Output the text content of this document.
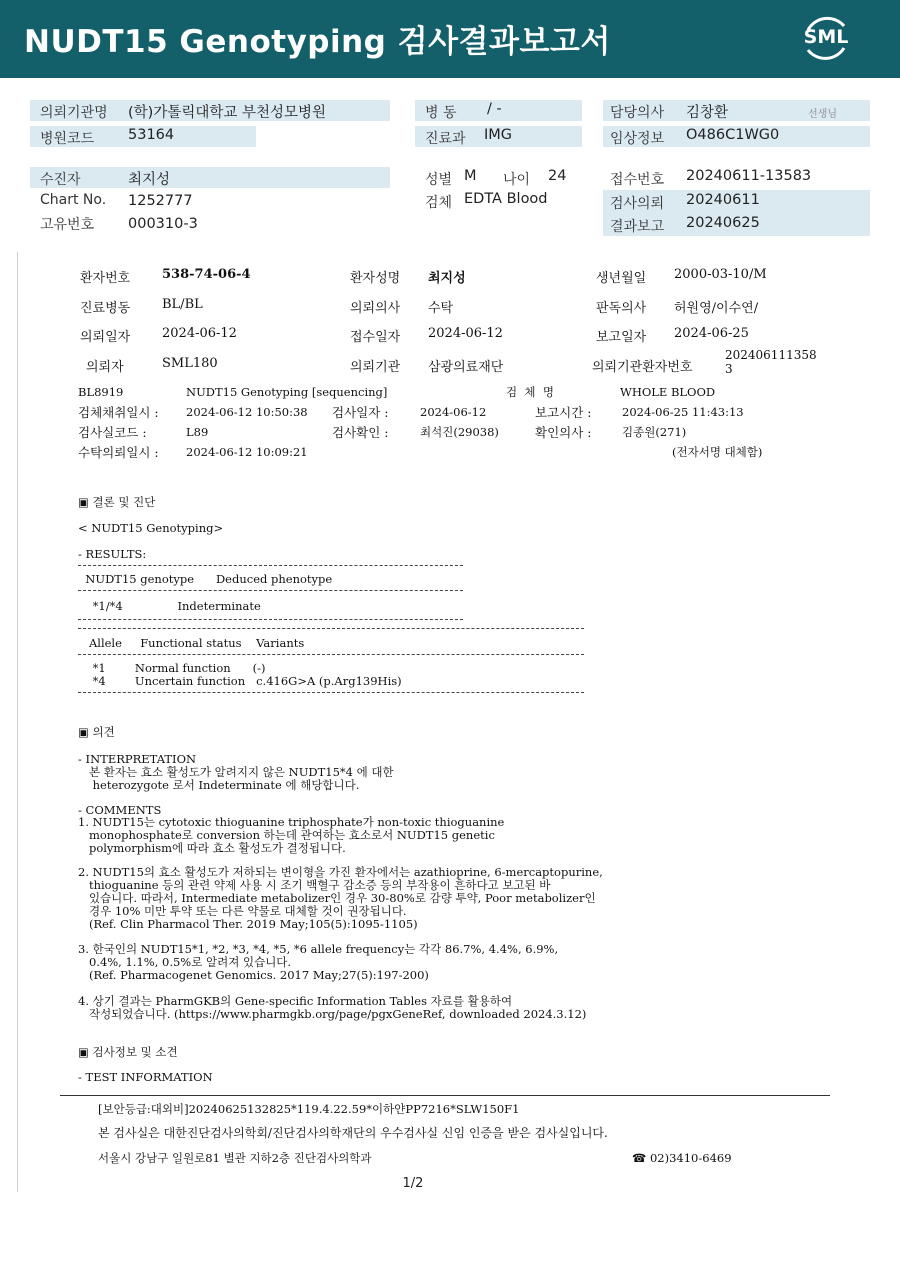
NUDT15 Genotyping 검사결과보고서	SML
의뢰기관명 (학)가톨릭대학교 부천성모병원
병원코드 53164
병 동 / -
진료과 IMG
담당의사 김창환	선생님
임상정보 O486C1WG0
수진자	최지성
Chart No. 1252777
고유번호 000310-3
성별 M 나이 24
검체 EDTA Blood
접수번호 20240611-13583
검사의뢰 20240611
결과보고 20240625
환자번호 538-74-06-4	환자성명 최지성	생년월일 2000-03-10/M
진료병동 BL/BL	의뢰의사 수탁	판독의사 허원영/이수연/
의뢰일자 2024-06-12	접수일자 2024-06-12	보고일자 2024-06-25
의뢰자	SML180	의뢰기관 삼광의료재단	의뢰기관환자번호
202406111358
3
BL8919	NUDT15 Genotyping [sequencing]	검  체  명	WHOLE BLOOD
검체채취일시 : 2024-06-12 10:50:38 검사일자 :	2024-06-12	보고시간 :	2024-06-25 11:43:13
검사실코드 :	L89	검사확인 :	최석진(29038)	확인의사 :	김종원(271)
수탁의뢰일시 : 2024-06-12 10:09:21	(전자서명 대체함)
▣ 결론 및 진단
< NUDT15 Genotyping>
- RESULTS:
NUDT15 genotype      Deduced phenotype
*1/*4               Indeterminate
Allele     Functional status    Variants
*1        Normal function      (-)
*4        Uncertain function   c.416G>A (p.Arg139His)
▣ 의견
- INTERPRETATION
본 환자는 효소 활성도가 알려지지 않은 NUDT15*4 에 대한
heterozygote 로서 Indeterminate 에 해당합니다.
- COMMENTS
1. NUDT15는 cytotoxic thioguanine triphosphate가 non-toxic thioguanine
monophosphate로 conversion 하는데 관여하는 효소로서 NUDT15 genetic
polymorphism에 따라 효소 활성도가 결정됩니다.
2. NUDT15의 효소 활성도가 저하되는 변이형을 가진 환자에서는 azathioprine, 6-mercaptopurine,
thioguanine 등의 관련 약제 사용 시 조기 백혈구 감소증 등의 부작용이 흔하다고 보고된 바
있습니다. 따라서, Intermediate metabolizer인 경우 30-80%로 감량 투약, Poor metabolizer인
경우 10% 미만 투약 또는 다른 약물로 대체할 것이 권장됩니다.
(Ref. Clin Pharmacol Ther. 2019 May;105(5):1095-1105)
3. 한국인의 NUDT15*1, *2, *3, *4, *5, *6 allele frequency는 각각 86.7%, 4.4%, 6.9%,
0.4%, 1.1%, 0.5%로 알려져 있습니다.
(Ref. Pharmacogenet Genomics. 2017 May;27(5):197-200)
4. 상기 결과는 PharmGKB의 Gene-specific Information Tables 자료를 활용하여
작성되었습니다. (https://www.pharmgkb.org/page/pgxGeneRef, downloaded 2024.3.12)
▣ 검사정보 및 소견
- TEST INFORMATION
[보안등급:대외비]20240625132825*119.4.22.59*이하얀PP7216*SLW150F1
본 검사실은 대한진단검사의학회/진단검사의학재단의 우수검사실 신임 인증을 받은 검사실입니다.
서울시 강남구 일원로81 별관 지하2층 진단검사의학과	☎ 02)3410-6469
1/2
